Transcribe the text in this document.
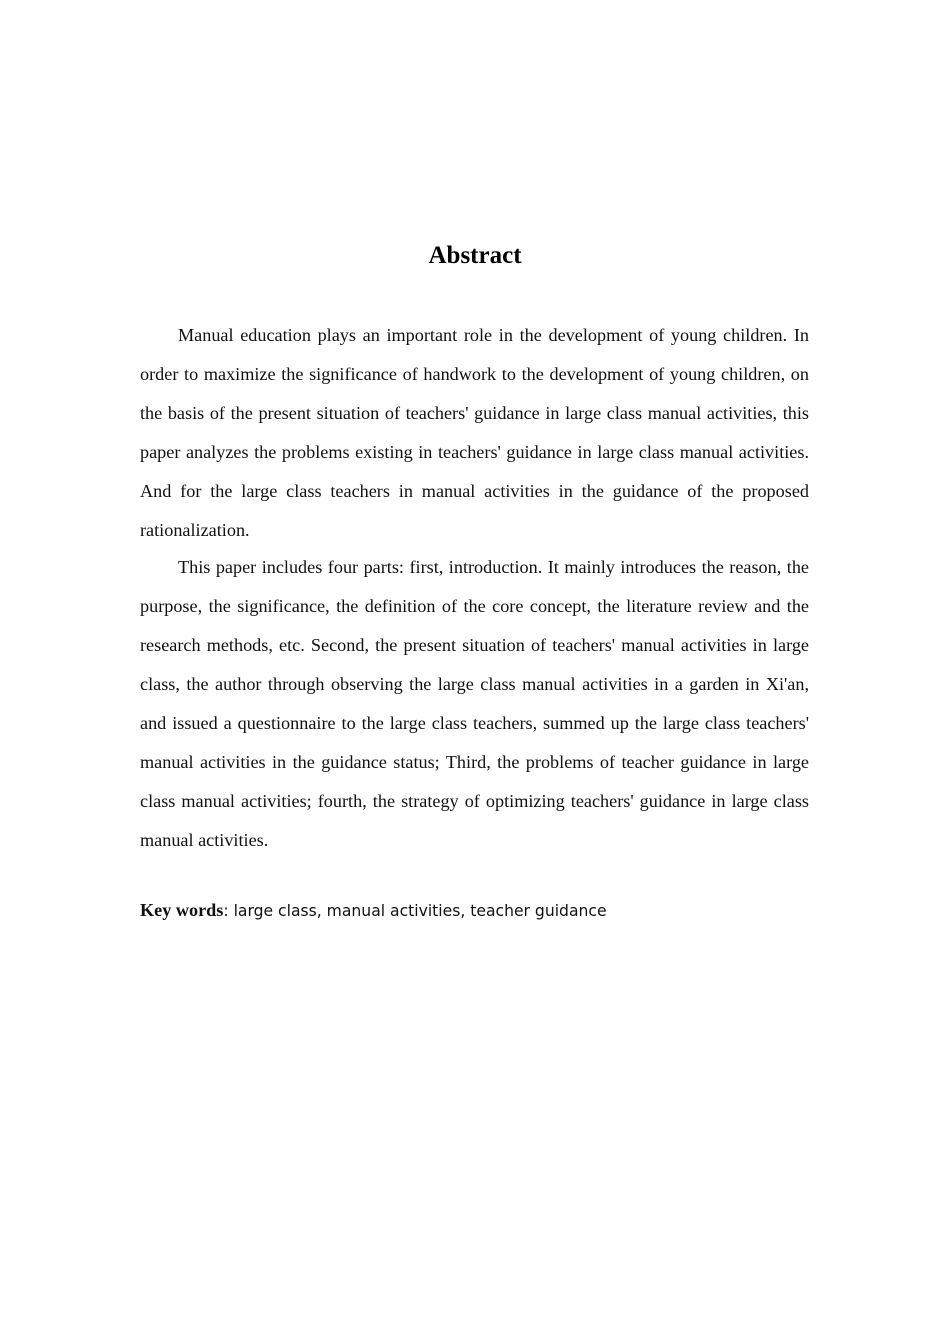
Abstract

Manual education plays an important role in the development of young children. In order to maximize the significance of handwork to the development of young children, on the basis of the present situation of teachers' guidance in large class manual activities, this paper analyzes the problems existing in teachers' guidance in large class manual activities. And for the large class teachers in manual activities in the guidance of the proposed rationalization.

This paper includes four parts: first, introduction. It mainly introduces the reason, the purpose, the significance, the definition of the core concept, the literature review and the research methods, etc. Second, the present situation of teachers' manual activities in large class, the author through observing the large class manual activities in a garden in Xi'an, and issued a questionnaire to the large class teachers, summed up the large class teachers' manual activities in the guidance status; Third, the problems of teacher guidance in large class manual activities; fourth, the strategy of optimizing teachers' guidance in large class manual activities.

Key words: large class, manual activities, teacher guidance
